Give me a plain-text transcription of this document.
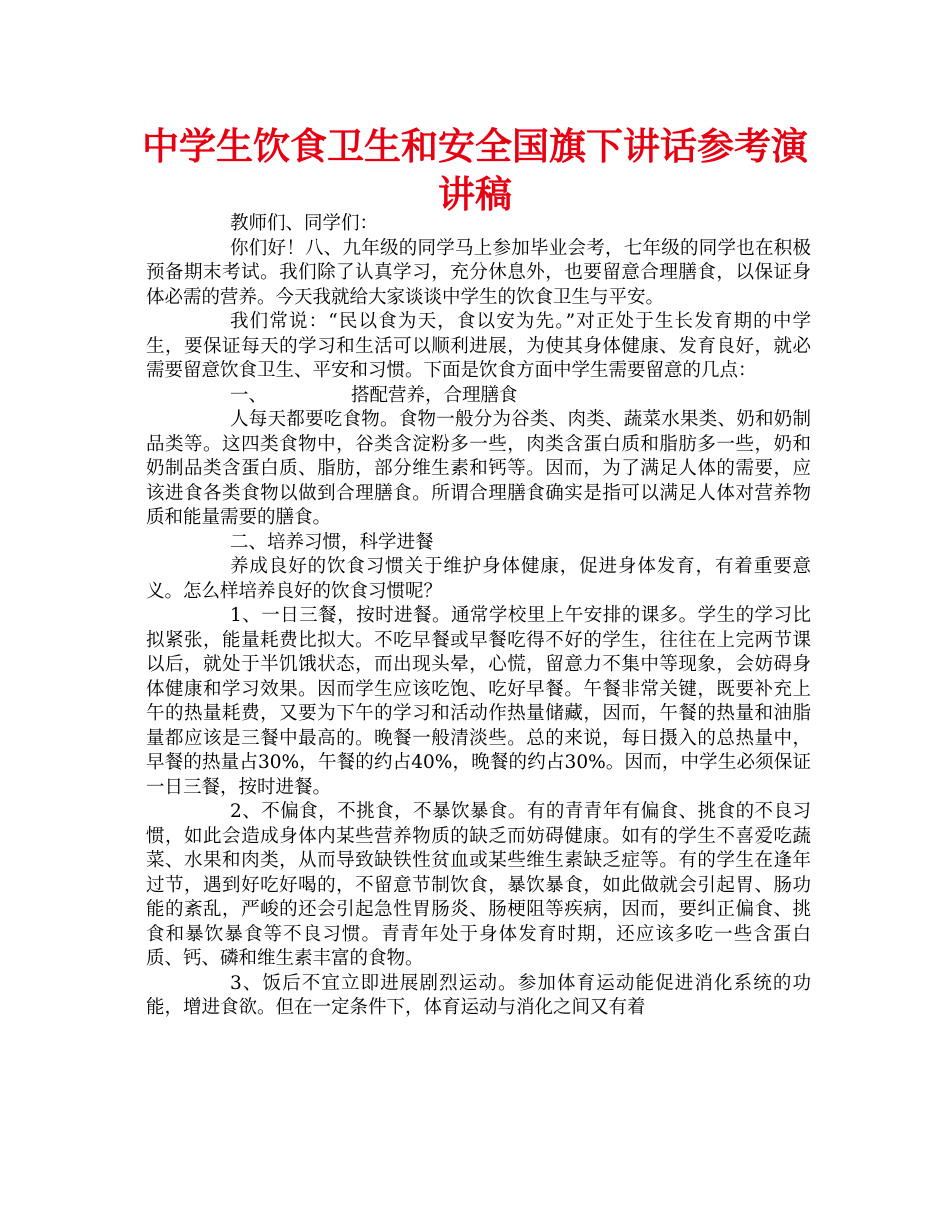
中学生饮食卫生和安全国旗下讲话参考演讲稿

教师们、同学们：

你们好！八、九年级的同学马上参加毕业会考，七年级的同学也在积极预备期末考试。我们除了认真学习，充分休息外，也要留意合理膳食，以保证身体必需的营养。今天我就给大家谈谈中学生的饮食卫生与平安。

我们常说：“民以食为天，食以安为先。”对正处于生长发育期的中学生，要保证每天的学习和生活可以顺利进展，为使其身体健康、发育良好，就必需要留意饮食卫生、平安和习惯。下面是饮食方面中学生需要留意的几点：

一、	搭配营养，合理膳食

人每天都要吃食物。食物一般分为谷类、肉类、蔬菜水果类、奶和奶制品类等。这四类食物中，谷类含淀粉多一些，肉类含蛋白质和脂肪多一些，奶和奶制品类含蛋白质、脂肪，部分维生素和钙等。因而，为了满足人体的需要，应该进食各类食物以做到合理膳食。所谓合理膳食确实是指可以满足人体对营养物质和能量需要的膳食。

二、培养习惯，科学进餐

养成良好的饮食习惯关于维护身体健康，促进身体发育，有着重要意义。怎么样培养良好的饮食习惯呢？

1、一日三餐，按时进餐。通常学校里上午安排的课多。学生的学习比拟紧张，能量耗费比拟大。不吃早餐或早餐吃得不好的学生，往往在上完两节课以后，就处于半饥饿状态，而出现头晕，心慌，留意力不集中等现象，会妨碍身体健康和学习效果。因而学生应该吃饱、吃好早餐。午餐非常关键，既要补充上午的热量耗费，又要为下午的学习和活动作热量储藏，因而，午餐的热量和油脂量都应该是三餐中最高的。晚餐一般清淡些。总的来说，每日摄入的总热量中，早餐的热量占30%，午餐的约占40%，晚餐的约占30%。因而，中学生必须保证一日三餐，按时进餐。

2、不偏食，不挑食，不暴饮暴食。有的青青年有偏食、挑食的不良习惯，如此会造成身体内某些营养物质的缺乏而妨碍健康。如有的学生不喜爱吃蔬菜、水果和肉类，从而导致缺铁性贫血或某些维生素缺乏症等。有的学生在逢年过节，遇到好吃好喝的，不留意节制饮食，暴饮暴食，如此做就会引起胃、肠功能的紊乱，严峻的还会引起急性胃肠炎、肠梗阻等疾病，因而，要纠正偏食、挑食和暴饮暴食等不良习惯。青青年处于身体发育时期，还应该多吃一些含蛋白质、钙、磷和维生素丰富的食物。

3、饭后不宜立即进展剧烈运动。参加体育运动能促进消化系统的功能，增进食欲。但在一定条件下，体育运动与消化之间又有着
